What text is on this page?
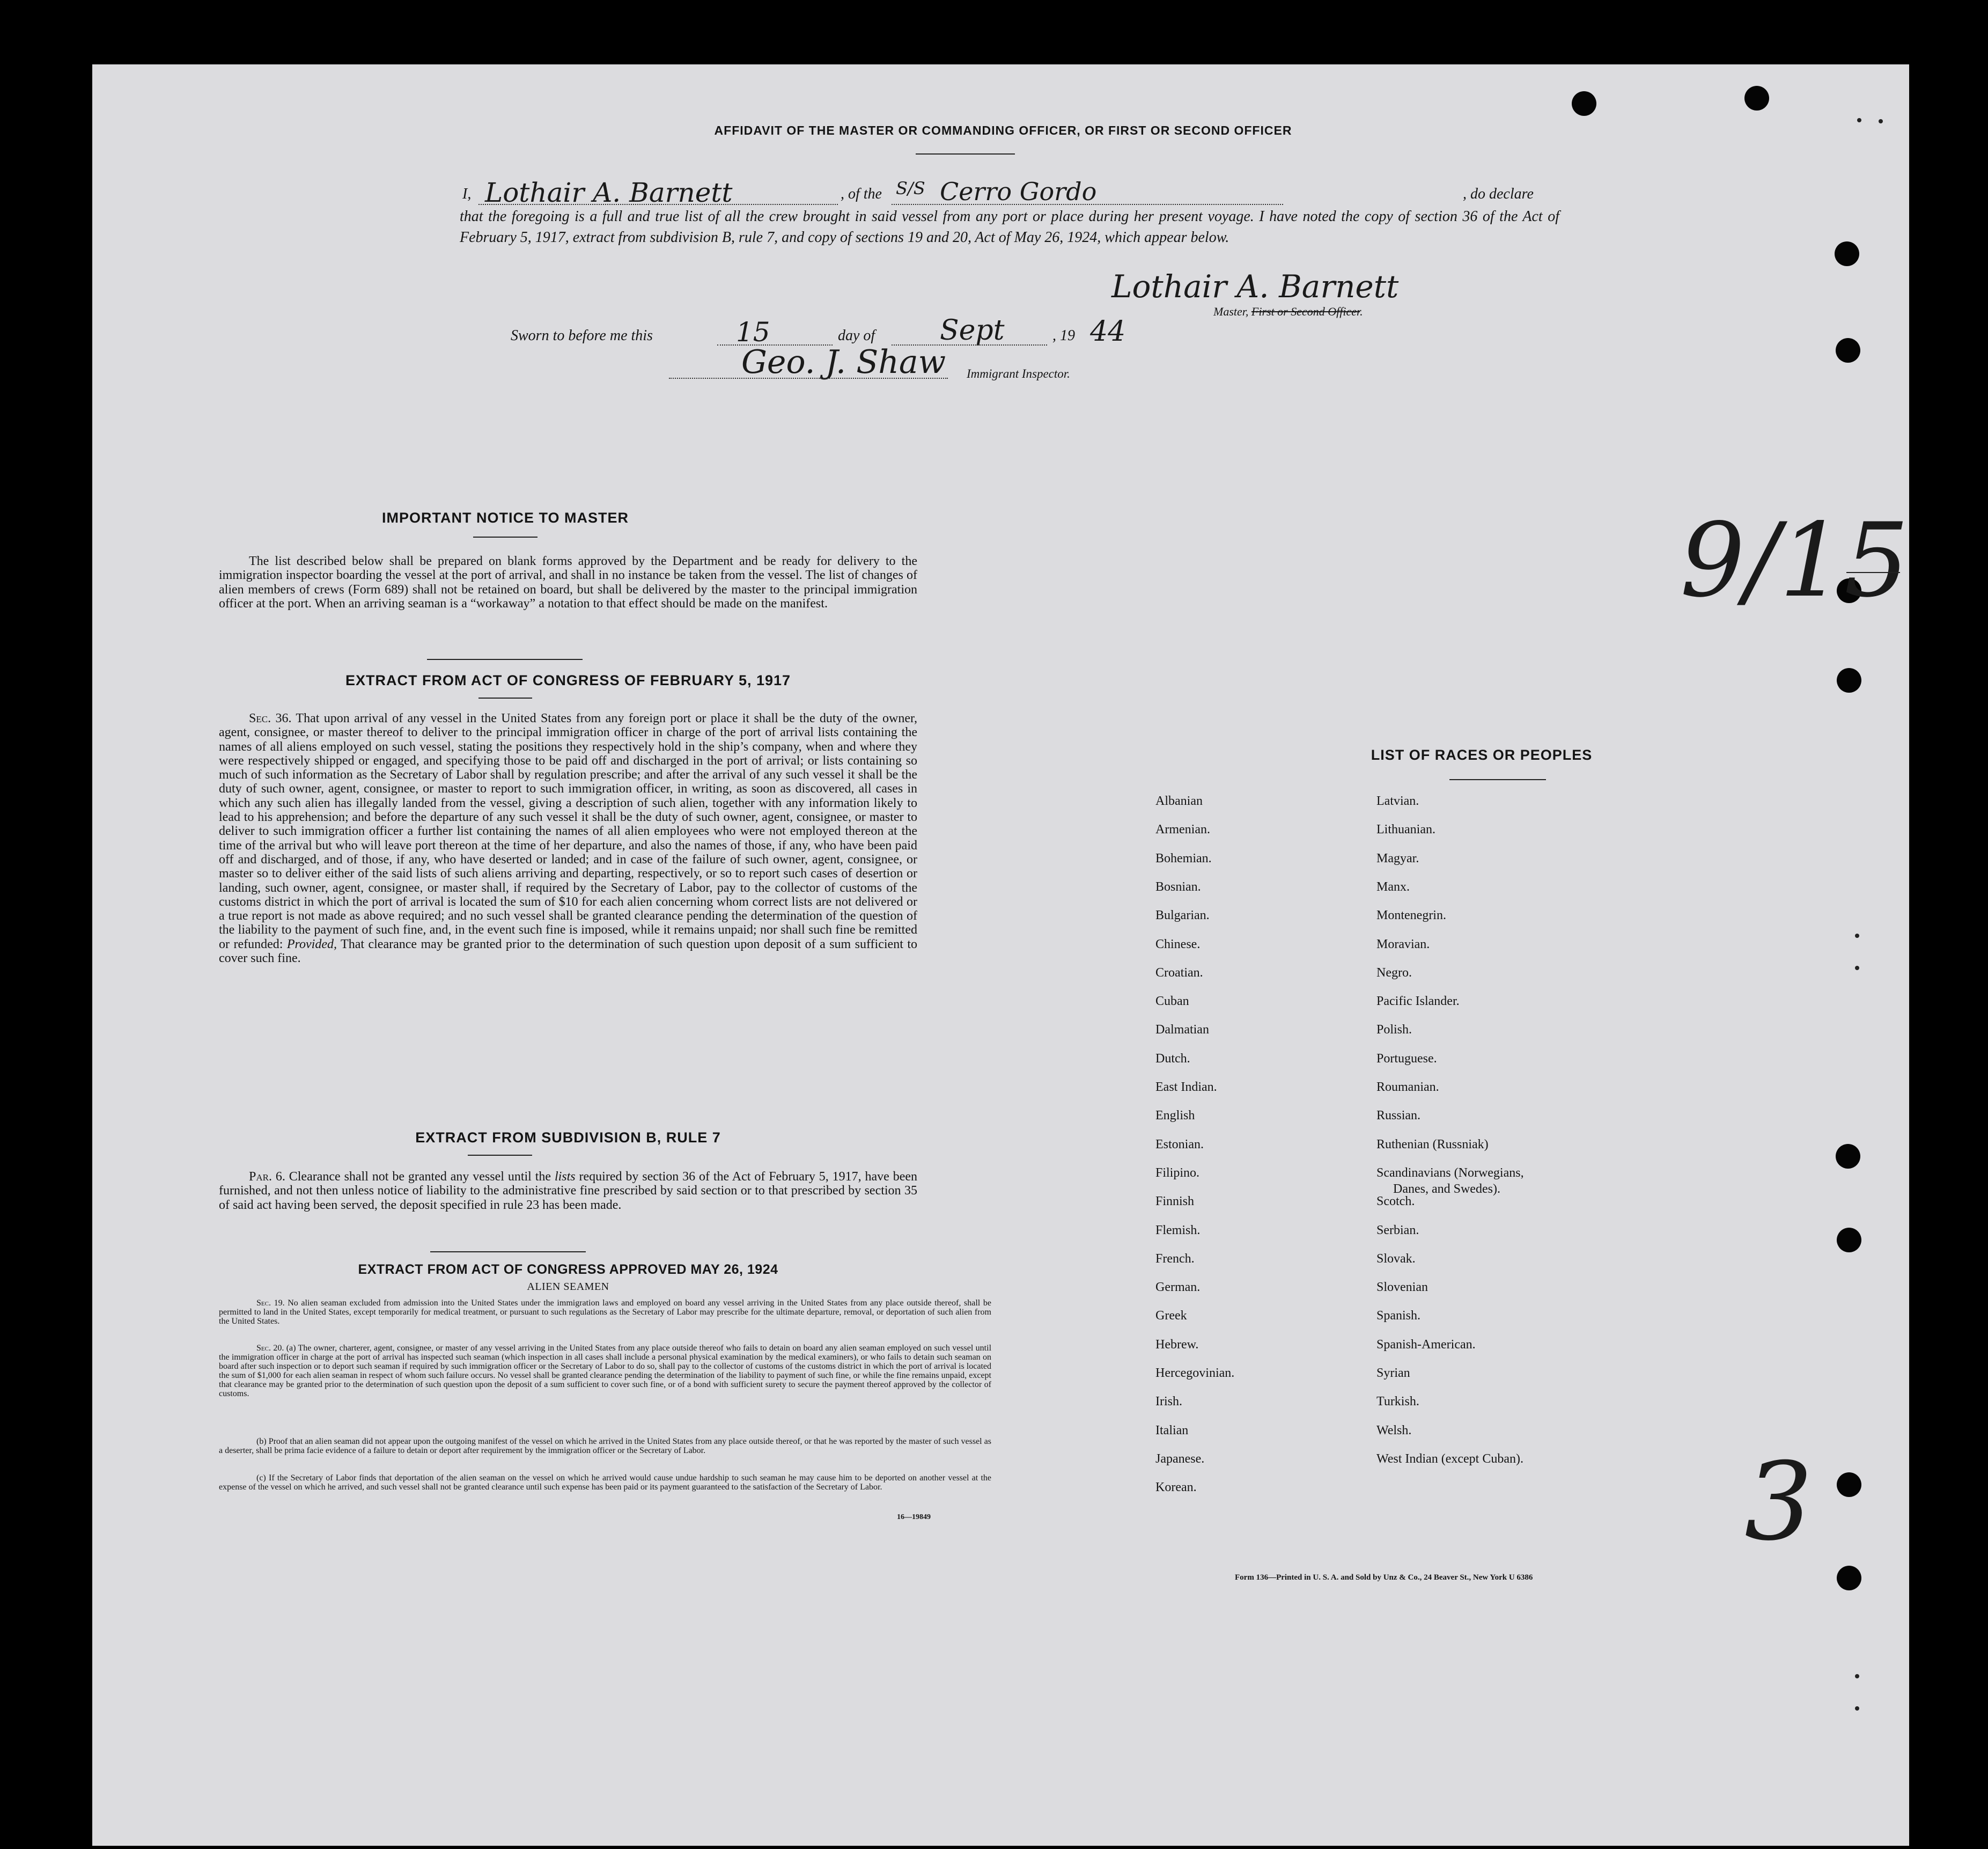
AFFIDAVIT OF THE MASTER OR COMMANDING OFFICER, OR FIRST OR SECOND OFFICER
I, Lothair A. Barnett	, of the S/S Cerro Gordo	, do declare
that the foregoing is a full and true list of all the crew brought in said vessel from any port or place during her present voyage. I have noted the copy of section 36 of the Act of February 5, 1917, extract from subdivision B, rule 7, and copy of sections 19 and 20, Act of May 26, 1924, which appear below.
Lothair A. Barnett
Master, First or Second Officer.
Sworn to before me this	15	day of Sept	, 19 44
Geo. J. Shaw Immigrant Inspector.
IMPORTANT NOTICE TO MASTER
The list described below shall be prepared on blank forms approved by the Department and be ready for delivery to the immigration inspector boarding the vessel at the port of arrival, and shall in no instance be taken from the vessel. The list of changes of alien members of crews (Form 689) shall not be retained on board, but shall be delivered by the master to the principal immigration officer at the port. When an arriving seaman is a “workaway” a notation to that effect should be made on the manifest.
EXTRACT FROM ACT OF CONGRESS OF FEBRUARY 5, 1917
Sec. 36. That upon arrival of any vessel in the United States from any foreign port or place it shall be the duty of the owner, agent, consignee, or master thereof to deliver to the principal immigration officer in charge of the port of arrival lists containing the names of all aliens employed on such vessel, stating the positions they respectively hold in the ship’s company, when and where they were respectively shipped or engaged, and specifying those to be paid off and discharged in the port of arrival; or lists containing so much of such information as the Secretary of Labor shall by regulation prescribe; and after the arrival of any such vessel it shall be the duty of such owner, agent, consignee, or master to report to such immigration officer, in writing, as soon as discovered, all cases in which any such alien has illegally landed from the vessel, giving a description of such alien, together with any information likely to lead to his apprehension; and before the departure of any such vessel it shall be the duty of such owner, agent, consignee, or master to deliver to such immigration officer a further list containing the names of all alien employees who were not employed thereon at the time of the arrival but who will leave port thereon at the time of her departure, and also the names of those, if any, who have been paid off and discharged, and of those, if any, who have deserted or landed; and in case of the failure of such owner, agent, consignee, or master so to deliver either of the said lists of such aliens arriving and departing, respectively, or so to report such cases of desertion or landing, such owner, agent, consignee, or master shall, if required by the Secretary of Labor, pay to the collector of customs of the customs district in which the port of arrival is located the sum of $10 for each alien concerning whom correct lists are not delivered or a true report is not made as above required; and no such vessel shall be granted clearance pending the determination of the question of the liability to the payment of such fine, and, in the event such fine is imposed, while it remains unpaid; nor shall such fine be remitted or refunded: Provided, That clearance may be granted prior to the determination of such question upon deposit of a sum sufficient to cover such fine.
EXTRACT FROM SUBDIVISION B, RULE 7
Par. 6. Clearance shall not be granted any vessel until the lists required by section 36 of the Act of February 5, 1917, have been furnished, and not then unless notice of liability to the administrative fine prescribed by said section or to that prescribed by section 35 of said act having been served, the deposit specified in rule 23 has been made.
EXTRACT FROM ACT OF CONGRESS APPROVED MAY 26, 1924
ALIEN SEAMEN
Sec. 19. No alien seaman excluded from admission into the United States under the immigration laws and employed on board any vessel arriving in the United States from any place outside thereof, shall be permitted to land in the United States, except temporarily for medical treatment, or pursuant to such regulations as the Secretary of Labor may prescribe for the ultimate departure, removal, or deportation of such alien from the United States.
Sec. 20. (a) The owner, charterer, agent, consignee, or master of any vessel arriving in the United States from any place outside thereof who fails to detain on board any alien seaman employed on such vessel until the immigration officer in charge at the port of arrival has inspected such seaman (which inspection in all cases shall include a personal physical examination by the medical examiners), or who fails to detain such seaman on board after such inspection or to deport such seaman if required by such immigration officer or the Secretary of Labor to do so, shall pay to the collector of customs of the customs district in which the port of arrival is located the sum of $1,000 for each alien seaman in respect of whom such failure occurs. No vessel shall be granted clearance pending the determination of the liability to payment of such fine, or while the fine remains unpaid, except that clearance may be granted prior to the determination of such question upon the deposit of a sum sufficient to cover such fine, or of a bond with sufficient surety to secure the payment thereof approved by the collector of customs.
(b) Proof that an alien seaman did not appear upon the outgoing manifest of the vessel on which he arrived in the United States from any place outside thereof, or that he was reported by the master of such vessel as a deserter, shall be prima facie evidence of a failure to detain or deport after requirement by the immigration officer or the Secretary of Labor.
(c) If the Secretary of Labor finds that deportation of the alien seaman on the vessel on which he arrived would cause undue hardship to such seaman he may cause him to be deported on another vessel at the expense of the vessel on which he arrived, and such vessel shall not be granted clearance until such expense has been paid or its payment guaranteed to the satisfaction of the Secretary of Labor.
16—19849
LIST OF RACES OR PEOPLES
Albanian
Armenian.
Bohemian.
Bosnian.
Bulgarian.
Chinese.
Croatian.
Cuban
Dalmatian
Dutch.
East Indian.
English
Estonian.
Filipino.
Finnish
Flemish.
French.
German.
Greek
Hebrew.
Hercegovinian.
Irish.
Italian
Japanese.
Korean.
Latvian.
Lithuanian.
Magyar.
Manx.
Montenegrin.
Moravian.
Negro.
Pacific Islander.
Polish.
Portuguese.
Roumanian.
Russian.
Ruthenian (Russniak)
Scandinavians (Norwegians,
Danes, and Swedes).
Scotch.
Serbian.
Slovak.
Slovenian
Spanish.
Spanish-American.
Syrian
Turkish.
Welsh.
West Indian (except Cuban).
Form 136—Printed in U. S. A. and Sold by Unz & Co., 24 Beaver St., New York U 6386
9/15
3
